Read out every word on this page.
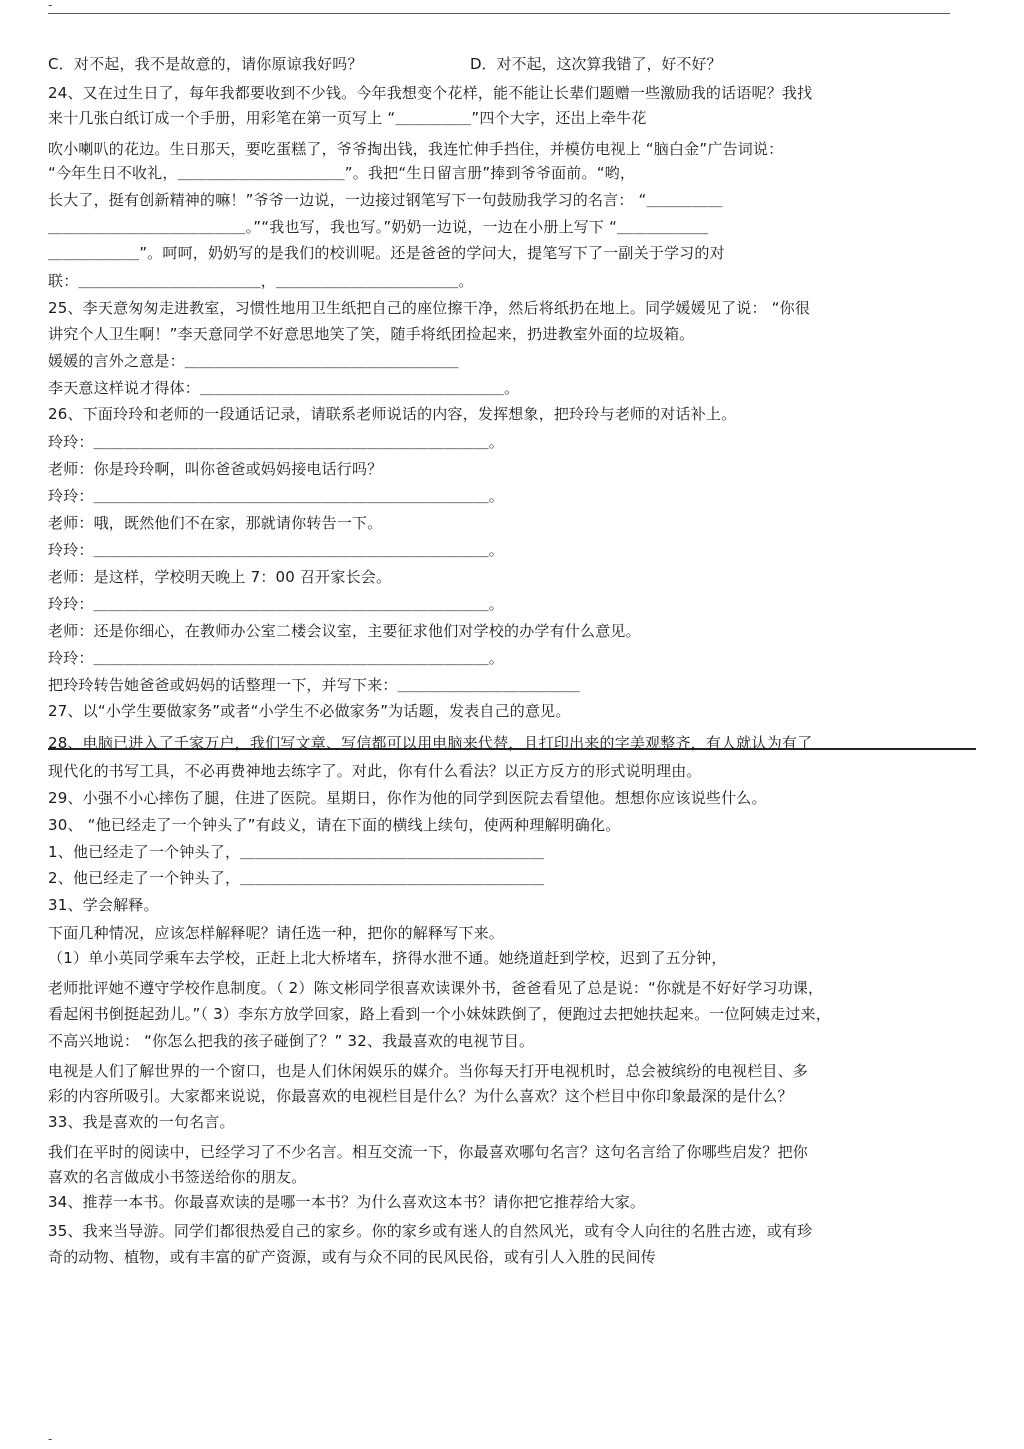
-
C．对不起，我不是故意的，请你原谅我好吗？	D．对不起，这次算我错了，好不好？
24、又在过生日了，每年我都要收到不少钱。今年我想变个花样，能不能让长辈们题赠一些激励我的话语呢？我找
来十几张白纸订成一个手册，用彩笔在第一页写上 “＿＿＿＿＿”四个大字，还岀上牵牛花
吹小喇叭的花边。生日那天，要吃蛋糕了，爷爷掏出钱，我连忙伸手挡住，并模仿电视上 “脑白金”广告词说：
“今年生日不收礼，＿＿＿＿＿＿＿＿＿＿＿”。我把“生日留言册”捧到爷爷面前。“哟，
长大了，挺有创新精神的嘛！”爷爷一边说，一边接过钢笔写下一句鼓励我学习的名言： “＿＿＿＿＿
＿＿＿＿＿＿＿＿＿＿＿＿＿。”“我也写，我也写。”奶奶一边说，一边在小册上写下 “＿＿＿＿＿＿
＿＿＿＿＿＿”。呵呵，奶奶写的是我们的校训呢。还是爸爸的学问大，提笔写下了一副关于学习的对
联：＿＿＿＿＿＿＿＿＿＿＿＿，＿＿＿＿＿＿＿＿＿＿＿＿。
25、李天意匆匆走进教室，习惯性地用卫生纸把自己的座位擦干净，然后将纸扔在地上。同学媛媛见了说： “你很
讲究个人卫生啊！”李天意同学不好意思地笑了笑，随手将纸团捡起来，扔进教室外面的垃圾箱。
媛媛的言外之意是：＿＿＿＿＿＿＿＿＿＿＿＿＿＿＿＿＿＿
李天意这样说才得体：＿＿＿＿＿＿＿＿＿＿＿＿＿＿＿＿＿＿＿＿。
26、下面玲玲和老师的一段通话记录，请联系老师说话的内容，发挥想象，把玲玲与老师的对话补上。
玲玲：＿＿＿＿＿＿＿＿＿＿＿＿＿＿＿＿＿＿＿＿＿＿＿＿＿＿。
老师：你是玲玲啊，叫你爸爸或妈妈接电话行吗？
玲玲：＿＿＿＿＿＿＿＿＿＿＿＿＿＿＿＿＿＿＿＿＿＿＿＿＿＿。
老师：哦，既然他们不在家，那就请你转告一下。
玲玲：＿＿＿＿＿＿＿＿＿＿＿＿＿＿＿＿＿＿＿＿＿＿＿＿＿＿。
老师：是这样，学校明天晚上 7：00 召开家长会。
玲玲：＿＿＿＿＿＿＿＿＿＿＿＿＿＿＿＿＿＿＿＿＿＿＿＿＿＿。
老师：还是你细心，在教师办公室二楼会议室，主要征求他们对学校的办学有什么意见。
玲玲：＿＿＿＿＿＿＿＿＿＿＿＿＿＿＿＿＿＿＿＿＿＿＿＿＿＿。
把玲玲转告她爸爸或妈妈的话整理一下，并写下来：＿＿＿＿＿＿＿＿＿＿＿＿
27、以“小学生要做家务”或者“小学生不必做家务”为话题，发表自己的意见。
28、电脑已进入了千家万户，我们写文章、写信都可以用电脑来代替，且打印出来的字美观整齐，有人就认为有了
现代化的书写工具，不必再费神地去练字了。对此，你有什么看法？以正方反方的形式说明理由。
29、小强不小心摔伤了腿，住进了医院。星期日，你作为他的同学到医院去看望他。想想你应该说些什么。
30、 “他已经走了一个钟头了”有歧义，请在下面的横线上续句，使两种理解明确化。
1、他已经走了一个钟头了，＿＿＿＿＿＿＿＿＿＿＿＿＿＿＿＿＿＿＿＿
2、他已经走了一个钟头了，＿＿＿＿＿＿＿＿＿＿＿＿＿＿＿＿＿＿＿＿
31、学会解释。
下面几种情况，应该怎样解释呢？请任选一种，把你的解释写下来。
（1）单小英同学乘车去学校，正赶上北大桥堵车，挤得水泄不通。她绕道赶到学校，迟到了五分钟，
老师批评她不遵守学校作息制度。（ 2）陈文彬同学很喜欢读课外书，爸爸看见了总是说：“你就是不好好学习功课，
看起闲书倒挺起劲儿。”（ 3）李东方放学回家，路上看到一个小妹妹跌倒了，便跑过去把她扶起来。一位阿姨走过来，
不高兴地说： “你怎么把我的孩子碰倒了？” 32、我最喜欢的电视节目。
电视是人们了解世界的一个窗口，也是人们休闲娱乐的媒介。当你每天打开电视机时，总会被缤纷的电视栏目、多
彩的内容所吸引。大家都来说说，你最喜欢的电视栏目是什么？为什么喜欢？这个栏目中你印象最深的是什么？
33、我是喜欢的一句名言。
我们在平时的阅读中，已经学习了不少名言。相互交流一下，你最喜欢哪句名言？这句名言给了你哪些启发？把你
喜欢的名言做成小书签送给你的朋友。
34、推荐一本书。你最喜欢读的是哪一本书？为什么喜欢这本书？请你把它推荐给大家。
35、我来当导游。同学们都很热爱自己的家乡。你的家乡或有迷人的自然风光，或有令人向往的名胜古迹，或有珍
奇的动物、植物，或有丰富的矿产资源，或有与众不同的民风民俗，或有引人入胜的民间传
-
